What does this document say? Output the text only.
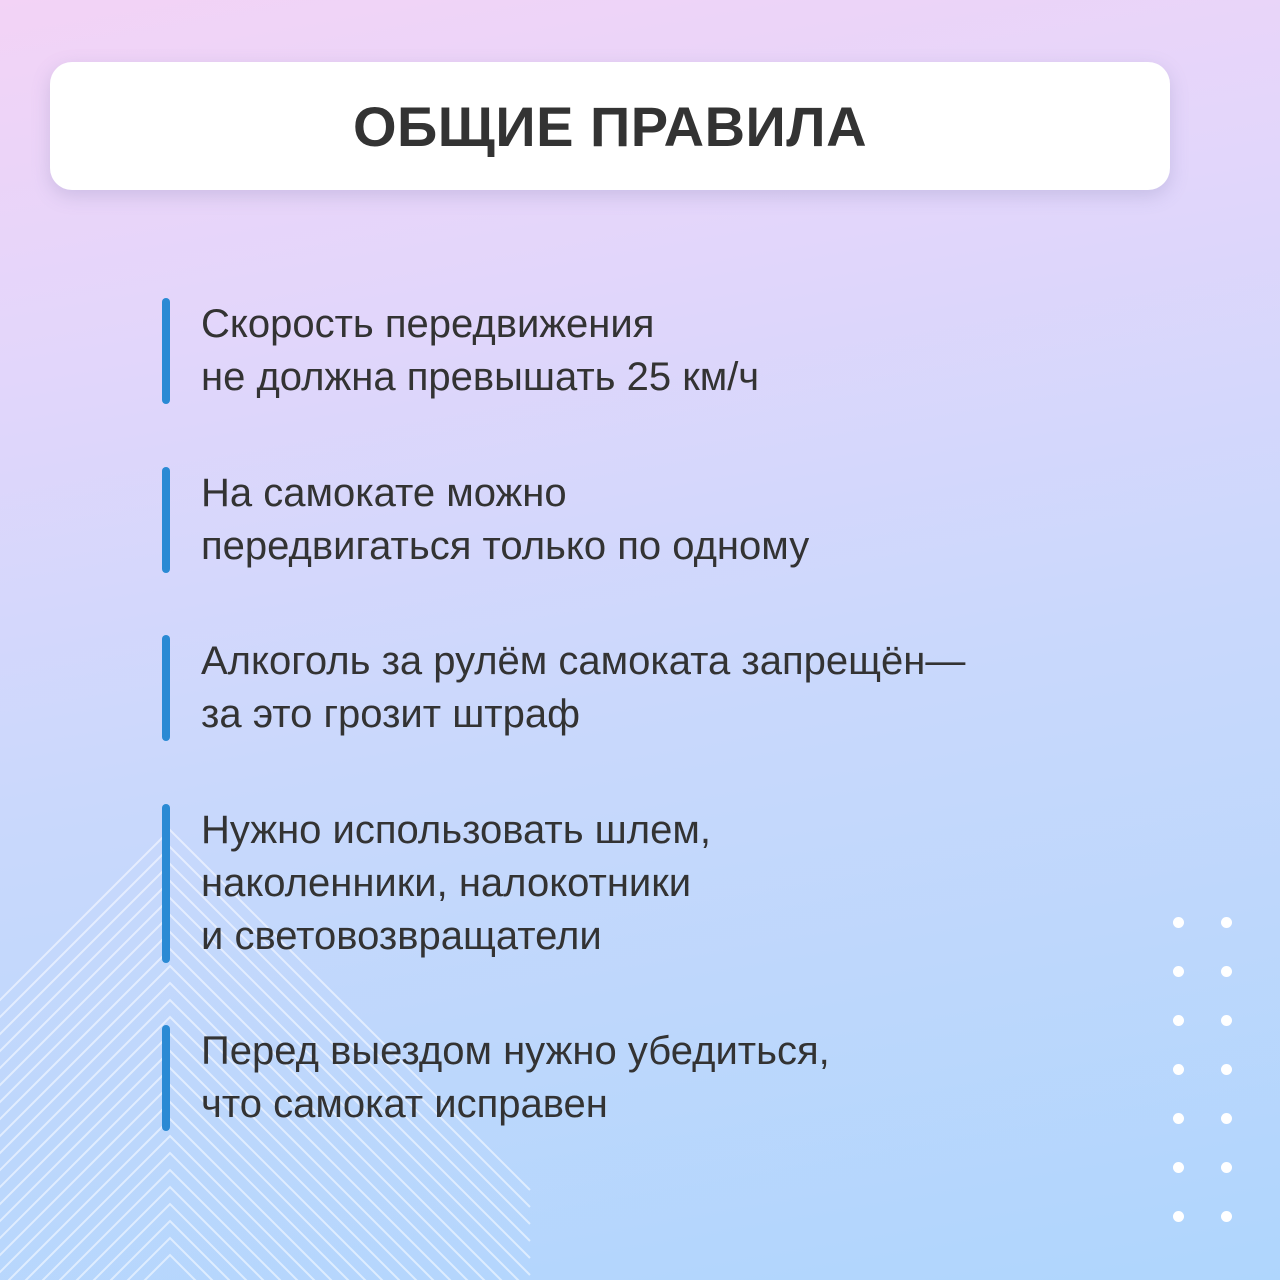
ОБЩИЕ ПРАВИЛА
Скорость передвижения
не должна превышать 25 км/ч
На самокате можно
передвигаться только по одному
Алкоголь за рулём самоката запрещён—
за это грозит штраф
Нужно использовать шлем,
наколенники, налокотники
и световозвращатели
Перед выездом нужно убедиться,
что самокат исправен
